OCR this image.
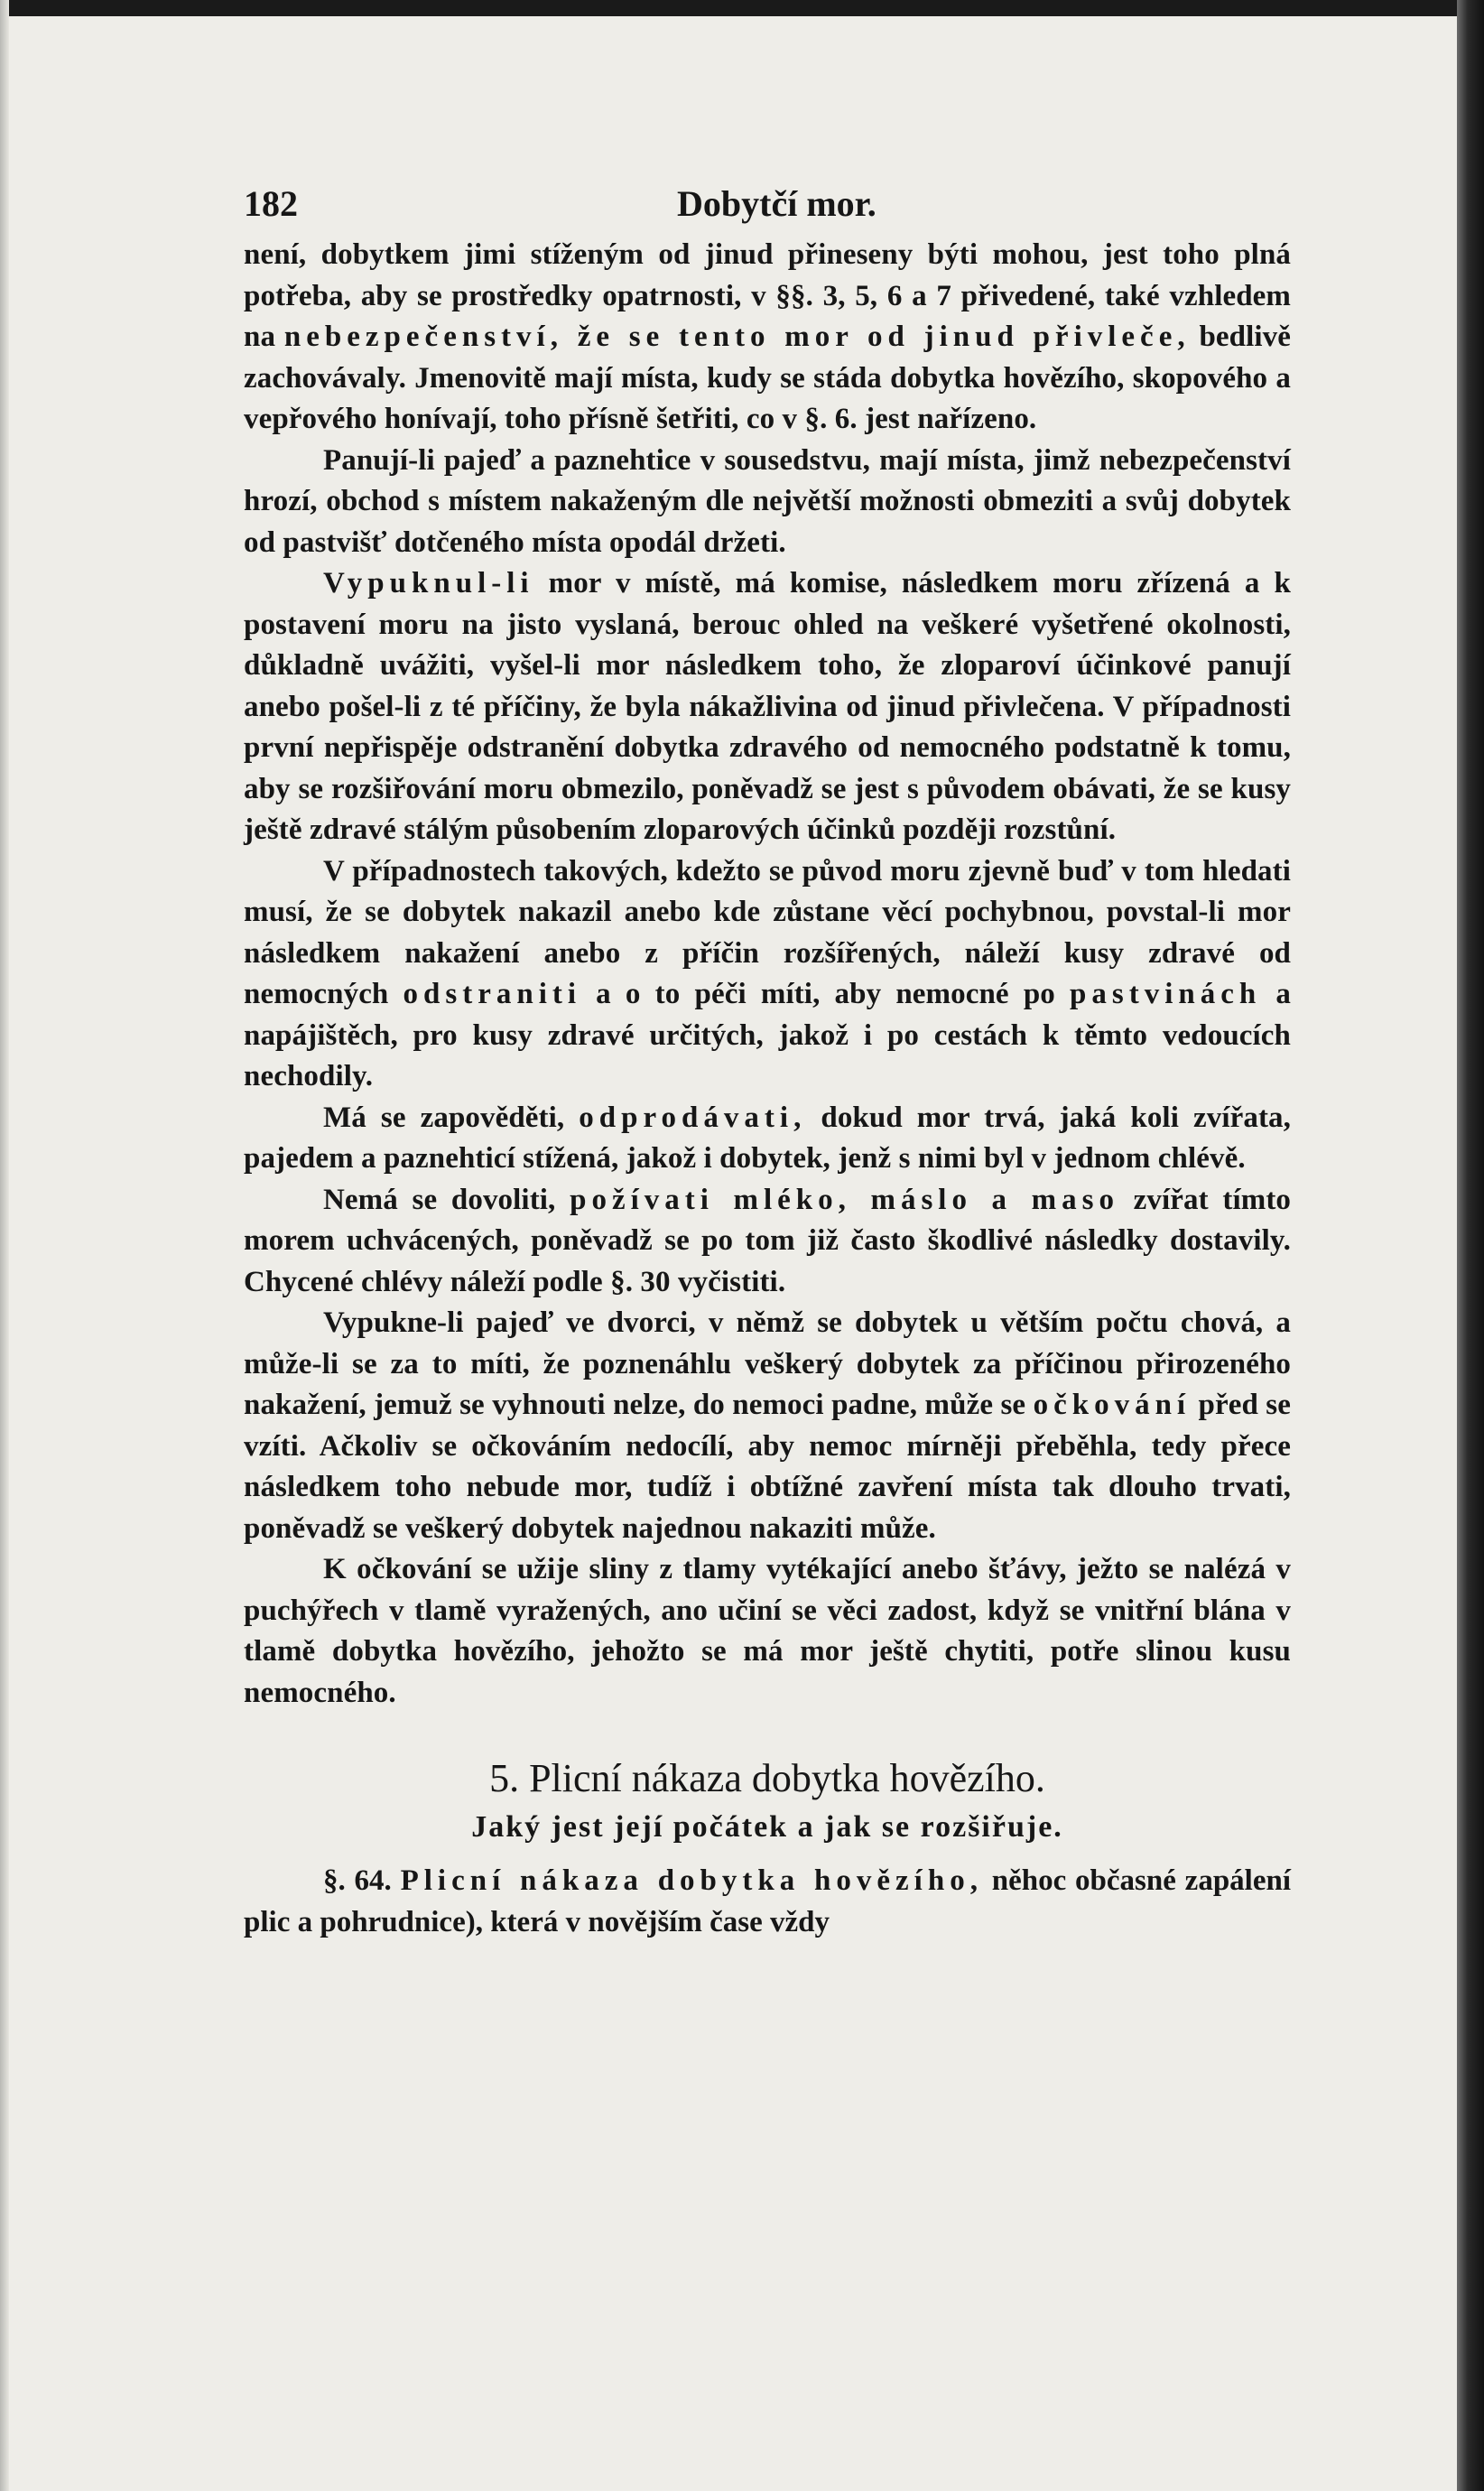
182	Dobytčí mor.

není, dobytkem jimi stíženým od jinud přineseny býti mohou, jest toho plná potřeba, aby se prostředky opatrnosti, v §§. 3, 5, 6 a 7 přivedené, také vzhledem na nebezpečenství, že se tento mor od jinud přivleče, bedlivě zachovávaly. Jmenovitě mají místa, kudy se stáda dobytka hovězího, skopového a vepřového honívají, toho přísně šetřiti, co v §. 6. jest nařízeno.

Panují-li pajeď a paznehtice v sousedstvu, mají místa, jimž nebezpečenství hrozí, obchod s místem nakaženým dle největší možnosti obmeziti a svůj dobytek od pastvišť dotčeného místa opodál držeti.

Vypuknul-li mor v místě, má komise, následkem moru zřízená a k postavení moru na jisto vyslaná, berouc ohled na veškeré vyšetřené okolnosti, důkladně uvážiti, vyšel-li mor následkem toho, že zloparoví účinkové panují anebo pošel-li z té příčiny, že byla nákažlivina od jinud přivlečena. V případnosti první nepřispěje odstranění dobytka zdravého od nemocného podstatně k tomu, aby se rozšiřování moru obmezilo, poněvadž se jest s původem obávati, že se kusy ještě zdravé stálým působením zloparových účinků později rozstůní.

V případnostech takových, kdežto se původ moru zjevně buď v tom hledati musí, že se dobytek nakazil anebo kde zůstane věcí pochybnou, povstal-li mor následkem nakažení anebo z příčin rozšířených, náleží kusy zdravé od nemocných odstraniti a o to péči míti, aby nemocné po pastvinách a napájištěch, pro kusy zdravé určitých, jakož i po cestách k těmto vedoucích nechodily.

Má se zapověděti, odprodávati, dokud mor trvá, jaká koli zvířata, pajedem a paznehticí stížená, jakož i dobytek, jenž s nimi byl v jednom chlévě.

Nemá se dovoliti, požívati mléko, máslo a maso zvířat tímto morem uchvácených, poněvadž se po tom již často škodlivé následky dostavily. Chycené chlévy náleží podle §. 30 vyčistiti.

Vypukne-li pajeď ve dvorci, v němž se dobytek u větším počtu chová, a může-li se za to míti, že poznenáhlu veškerý dobytek za příčinou přirozeného nakažení, jemuž se vyhnouti nelze, do nemoci padne, může se očkování před se vzíti. Ačkoliv se očkováním nedocílí, aby nemoc mírněji přeběhla, tedy přece následkem toho nebude mor, tudíž i obtížné zavření místa tak dlouho trvati, poněvadž se veškerý dobytek najednou nakaziti může.

K očkování se užije sliny z tlamy vytékající anebo šťávy, ježto se nalézá v puchýřech v tlamě vyražených, ano učiní se věci zadost, když se vnitřní blána v tlamě dobytka hovězího, jehožto se má mor ještě chytiti, potře slinou kusu nemocného.

5. Plicní nákaza dobytka hovězího.
Jaký jest její počátek a jak se rozšiřuje.

§. 64. Plicní nákaza dobytka hovězího, něhoc občasné zapálení plic a pohrudnice), která v novějším čase vždy
